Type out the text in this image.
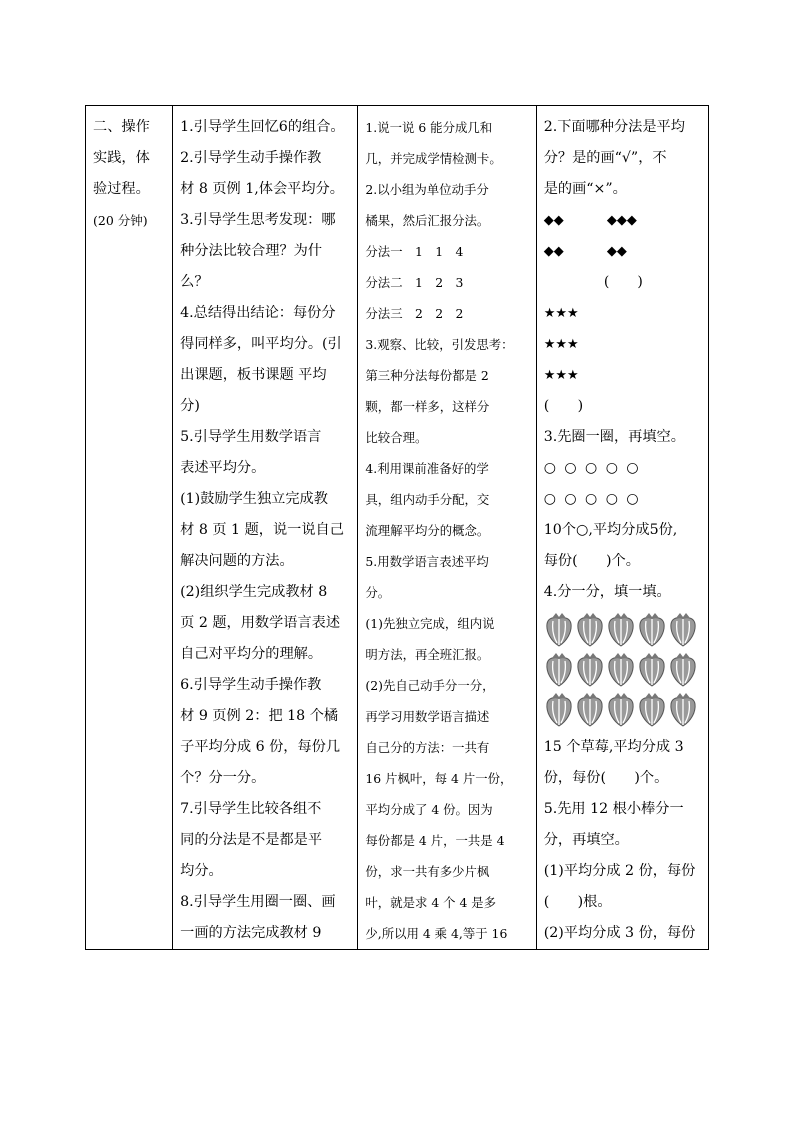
二、操作
实践，体
验过程。
(20 分钟)

1.引导学生回忆6的组合。
2.引导学生动手操作教
材 8 页例 1,体会平均分。
3.引导学生思考发现：哪
种分法比较合理？为什
么？
4.总结得出结论：每份分
得同样多，叫平均分。(引
出课题，板书课题 平均
分)
5.引导学生用数学语言
表述平均分。
(1)鼓励学生独立完成教
材 8 页 1 题，说一说自己
解决问题的方法。
(2)组织学生完成教材 8
页 2 题，用数学语言表述
自己对平均分的理解。
6.引导学生动手操作教
材 9 页例 2：把 18 个橘
子平均分成 6 份，每份几
个？分一分。
7.引导学生比较各组不
同的分法是不是都是平
均分。
8.引导学生用圈一圈、画
一画的方法完成教材 9

1.说一说 6 能分成几和
几，并完成学情检测卡。
2.以小组为单位动手分
橘果，然后汇报分法。
分法一　1　1　4
分法二　1　2　3
分法三　2　2　2
3.观察、比较，引发思考：
第三种分法每份都是 2
颗，都一样多，这样分
比较合理。
4.利用课前准备好的学
具，组内动手分配，交
流理解平均分的概念。
5.用数学语言表述平均
分。
(1)先独立完成，组内说
明方法，再全班汇报。
(2)先自己动手分一分，
再学习用数学语言描述
自己分的方法：一共有
16 片枫叶，每 4 片一份，
平均分成了 4 份。因为
每份都是 4 片，一共是 4
份，求一共有多少片枫
叶，就是求 4 个 4 是多
少,所以用 4 乘 4,等于 16

2.下面哪种分法是平均
分？是的画“√”，不
是的画“×”。
◆◆　　　 ◆◆◆
◆◆　　　 ◆◆
(　　)
★★★
★★★
★★★
(　　)
3.先圈一圈，再填空。
○ ○ ○ ○ ○
○ ○ ○ ○ ○
10个○,平均分成5份,
每份(　　)个。
4.分一分，填一填。
15 个草莓,平均分成 3
份，每份(　　)个。
5.先用 12 根小棒分一
分，再填空。
(1)平均分成 2 份，每份
(　　)根。
(2)平均分成 3 份，每份
